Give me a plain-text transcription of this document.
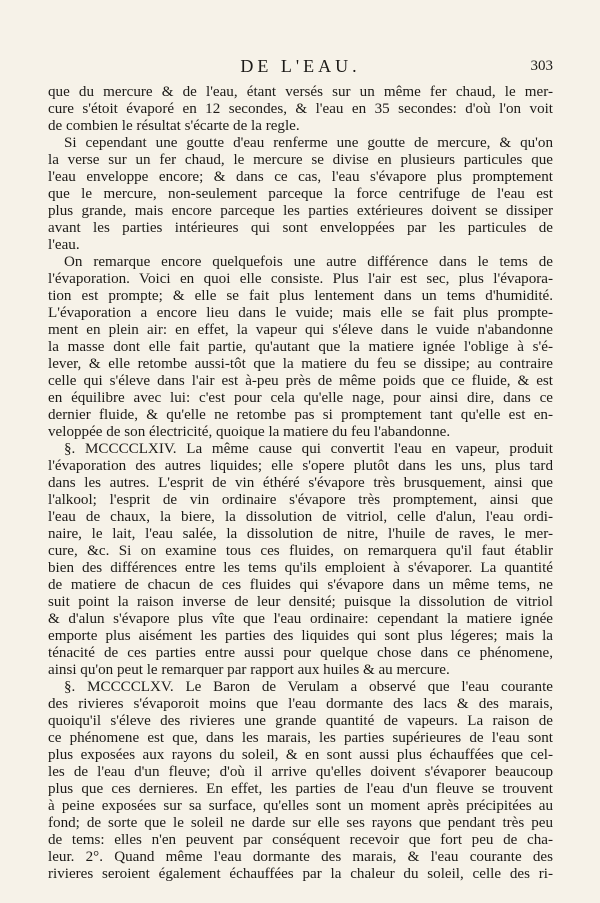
DE L'EAU.	303
que du mercure & de l'eau, étant versés sur un même fer chaud, le mer-
cure s'étoit évaporé en 12 secondes, & l'eau en 35 secondes: d'où l'on voit
de combien le résultat s'écarte de la regle.
Si cependant une goutte d'eau renferme une goutte de mercure, & qu'on
la verse sur un fer chaud, le mercure se divise en plusieurs particules que
l'eau enveloppe encore; & dans ce cas, l'eau s'évapore plus promptement
que le mercure, non-seulement parceque la force centrifuge de l'eau est
plus grande, mais encore parceque les parties extérieures doivent se dissiper
avant les parties intérieures qui sont enveloppées par les particules de
l'eau.
On remarque encore quelquefois une autre différence dans le tems de
l'évaporation. Voici en quoi elle consiste. Plus l'air est sec, plus l'évapora-
tion est prompte; & elle se fait plus lentement dans un tems d'humidité.
L'évaporation a encore lieu dans le vuide; mais elle se fait plus prompte-
ment en plein air: en effet, la vapeur qui s'éleve dans le vuide n'abandonne
la masse dont elle fait partie, qu'autant que la matiere ignée l'oblige à s'é-
lever, & elle retombe aussi-tôt que la matiere du feu se dissipe; au contraire
celle qui s'éleve dans l'air est à-peu près de même poids que ce fluide, & est
en équilibre avec lui: c'est pour cela qu'elle nage, pour ainsi dire, dans ce
dernier fluide, & qu'elle ne retombe pas si promptement tant qu'elle est en-
veloppée de son électricité, quoique la matiere du feu l'abandonne.
§. MCCCCLXIV. La même cause qui convertit l'eau en vapeur, produit
l'évaporation des autres liquides; elle s'opere plutôt dans les uns, plus tard
dans les autres. L'esprit de vin éthéré s'évapore très brusquement, ainsi que
l'alkool; l'esprit de vin ordinaire s'évapore très promptement, ainsi que
l'eau de chaux, la biere, la dissolution de vitriol, celle d'alun, l'eau ordi-
naire, le lait, l'eau salée, la dissolution de nitre, l'huile de raves, le mer-
cure, &c. Si on examine tous ces fluides, on remarquera qu'il faut établir
bien des différences entre les tems qu'ils emploient à s'évaporer. La quantité
de matiere de chacun de ces fluides qui s'évapore dans un même tems, ne
suit point la raison inverse de leur densité; puisque la dissolution de vitriol
& d'alun s'évapore plus vîte que l'eau ordinaire: cependant la matiere ignée
emporte plus aisément les parties des liquides qui sont plus légeres; mais la
ténacité de ces parties entre aussi pour quelque chose dans ce phénomene,
ainsi qu'on peut le remarquer par rapport aux huiles & au mercure.
§. MCCCCLXV. Le Baron de Verulam a observé que l'eau courante
des rivieres s'évaporoit moins que l'eau dormante des lacs & des marais,
quoiqu'il s'éleve des rivieres une grande quantité de vapeurs. La raison de
ce phénomene est que, dans les marais, les parties supérieures de l'eau sont
plus exposées aux rayons du soleil, & en sont aussi plus échauffées que cel-
les de l'eau d'un fleuve; d'où il arrive qu'elles doivent s'évaporer beaucoup
plus que ces dernieres. En effet, les parties de l'eau d'un fleuve se trouvent
à peine exposées sur sa surface, qu'elles sont un moment après précipitées au
fond; de sorte que le soleil ne darde sur elle ses rayons que pendant très peu
de tems: elles n'en peuvent par conséquent recevoir que fort peu de cha-
leur. 2°. Quand même l'eau dormante des marais, & l'eau courante des
rivieres seroient également échauffées par la chaleur du soleil, celle des ri-
